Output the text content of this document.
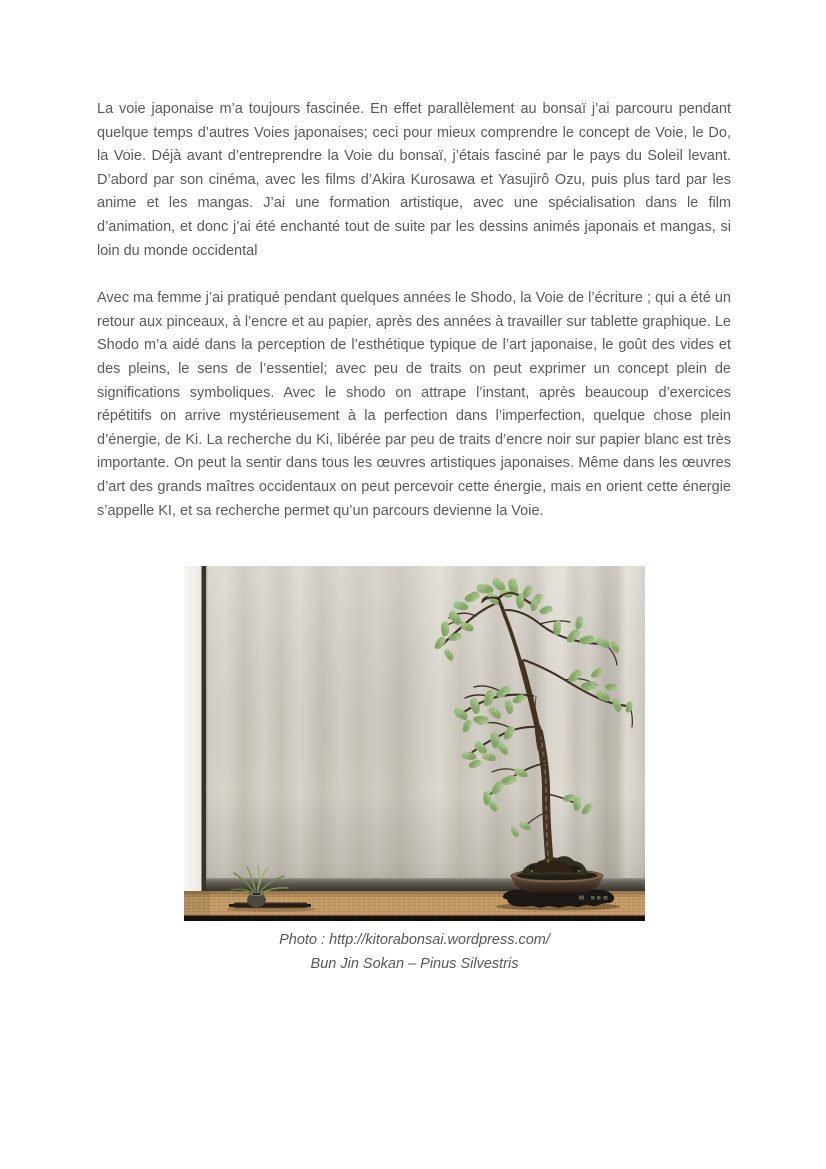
La voie japonaise m’a toujours fascinée. En effet parallèlement au bonsaï j’ai parcouru pendant quelque temps d’autres Voies japonaises; ceci pour mieux comprendre le concept de Voie, le Do, la Voie. Déjà avant d’entreprendre la Voie du bonsaï, j’étais fasciné par le pays du Soleil levant. D’abord par son cinéma, avec les films d’Akira Kurosawa et Yasujirô Ozu, puis plus tard par les anime et les mangas. J’ai une formation artistique, avec une spécialisation dans le film d’animation, et donc j’ai été enchanté tout de suite par les dessins animés japonais et mangas, si loin du monde occidental

Avec ma femme j’ai pratiqué pendant quelques années le Shodo, la Voie de l’écriture ; qui a été un retour aux pinceaux, à l’encre et au papier, après des années à travailler sur tablette graphique. Le Shodo m’a aidé dans la perception de l’esthétique typique de l’art japonaise, le goût des vides et des pleins, le sens de l’essentiel; avec peu de traits on peut exprimer un concept plein de significations symboliques. Avec le shodo on attrape l’instant, après beaucoup d’exercices répétitifs on arrive mystérieusement à la perfection dans l’imperfection, quelque chose plein d’énergie, de Ki. La recherche du Ki, libérée par peu de traits d’encre noir sur papier blanc est très importante. On peut la sentir dans tous les œuvres artistiques japonaises. Même dans les œuvres d’art des grands maîtres occidentaux on peut percevoir cette énergie, mais en orient cette énergie s’appelle KI, et sa recherche permet qu’un parcours devienne la Voie.

Photo : http://kitorabonsai.wordpress.com/
Bun Jin Sokan – Pinus Silvestris
